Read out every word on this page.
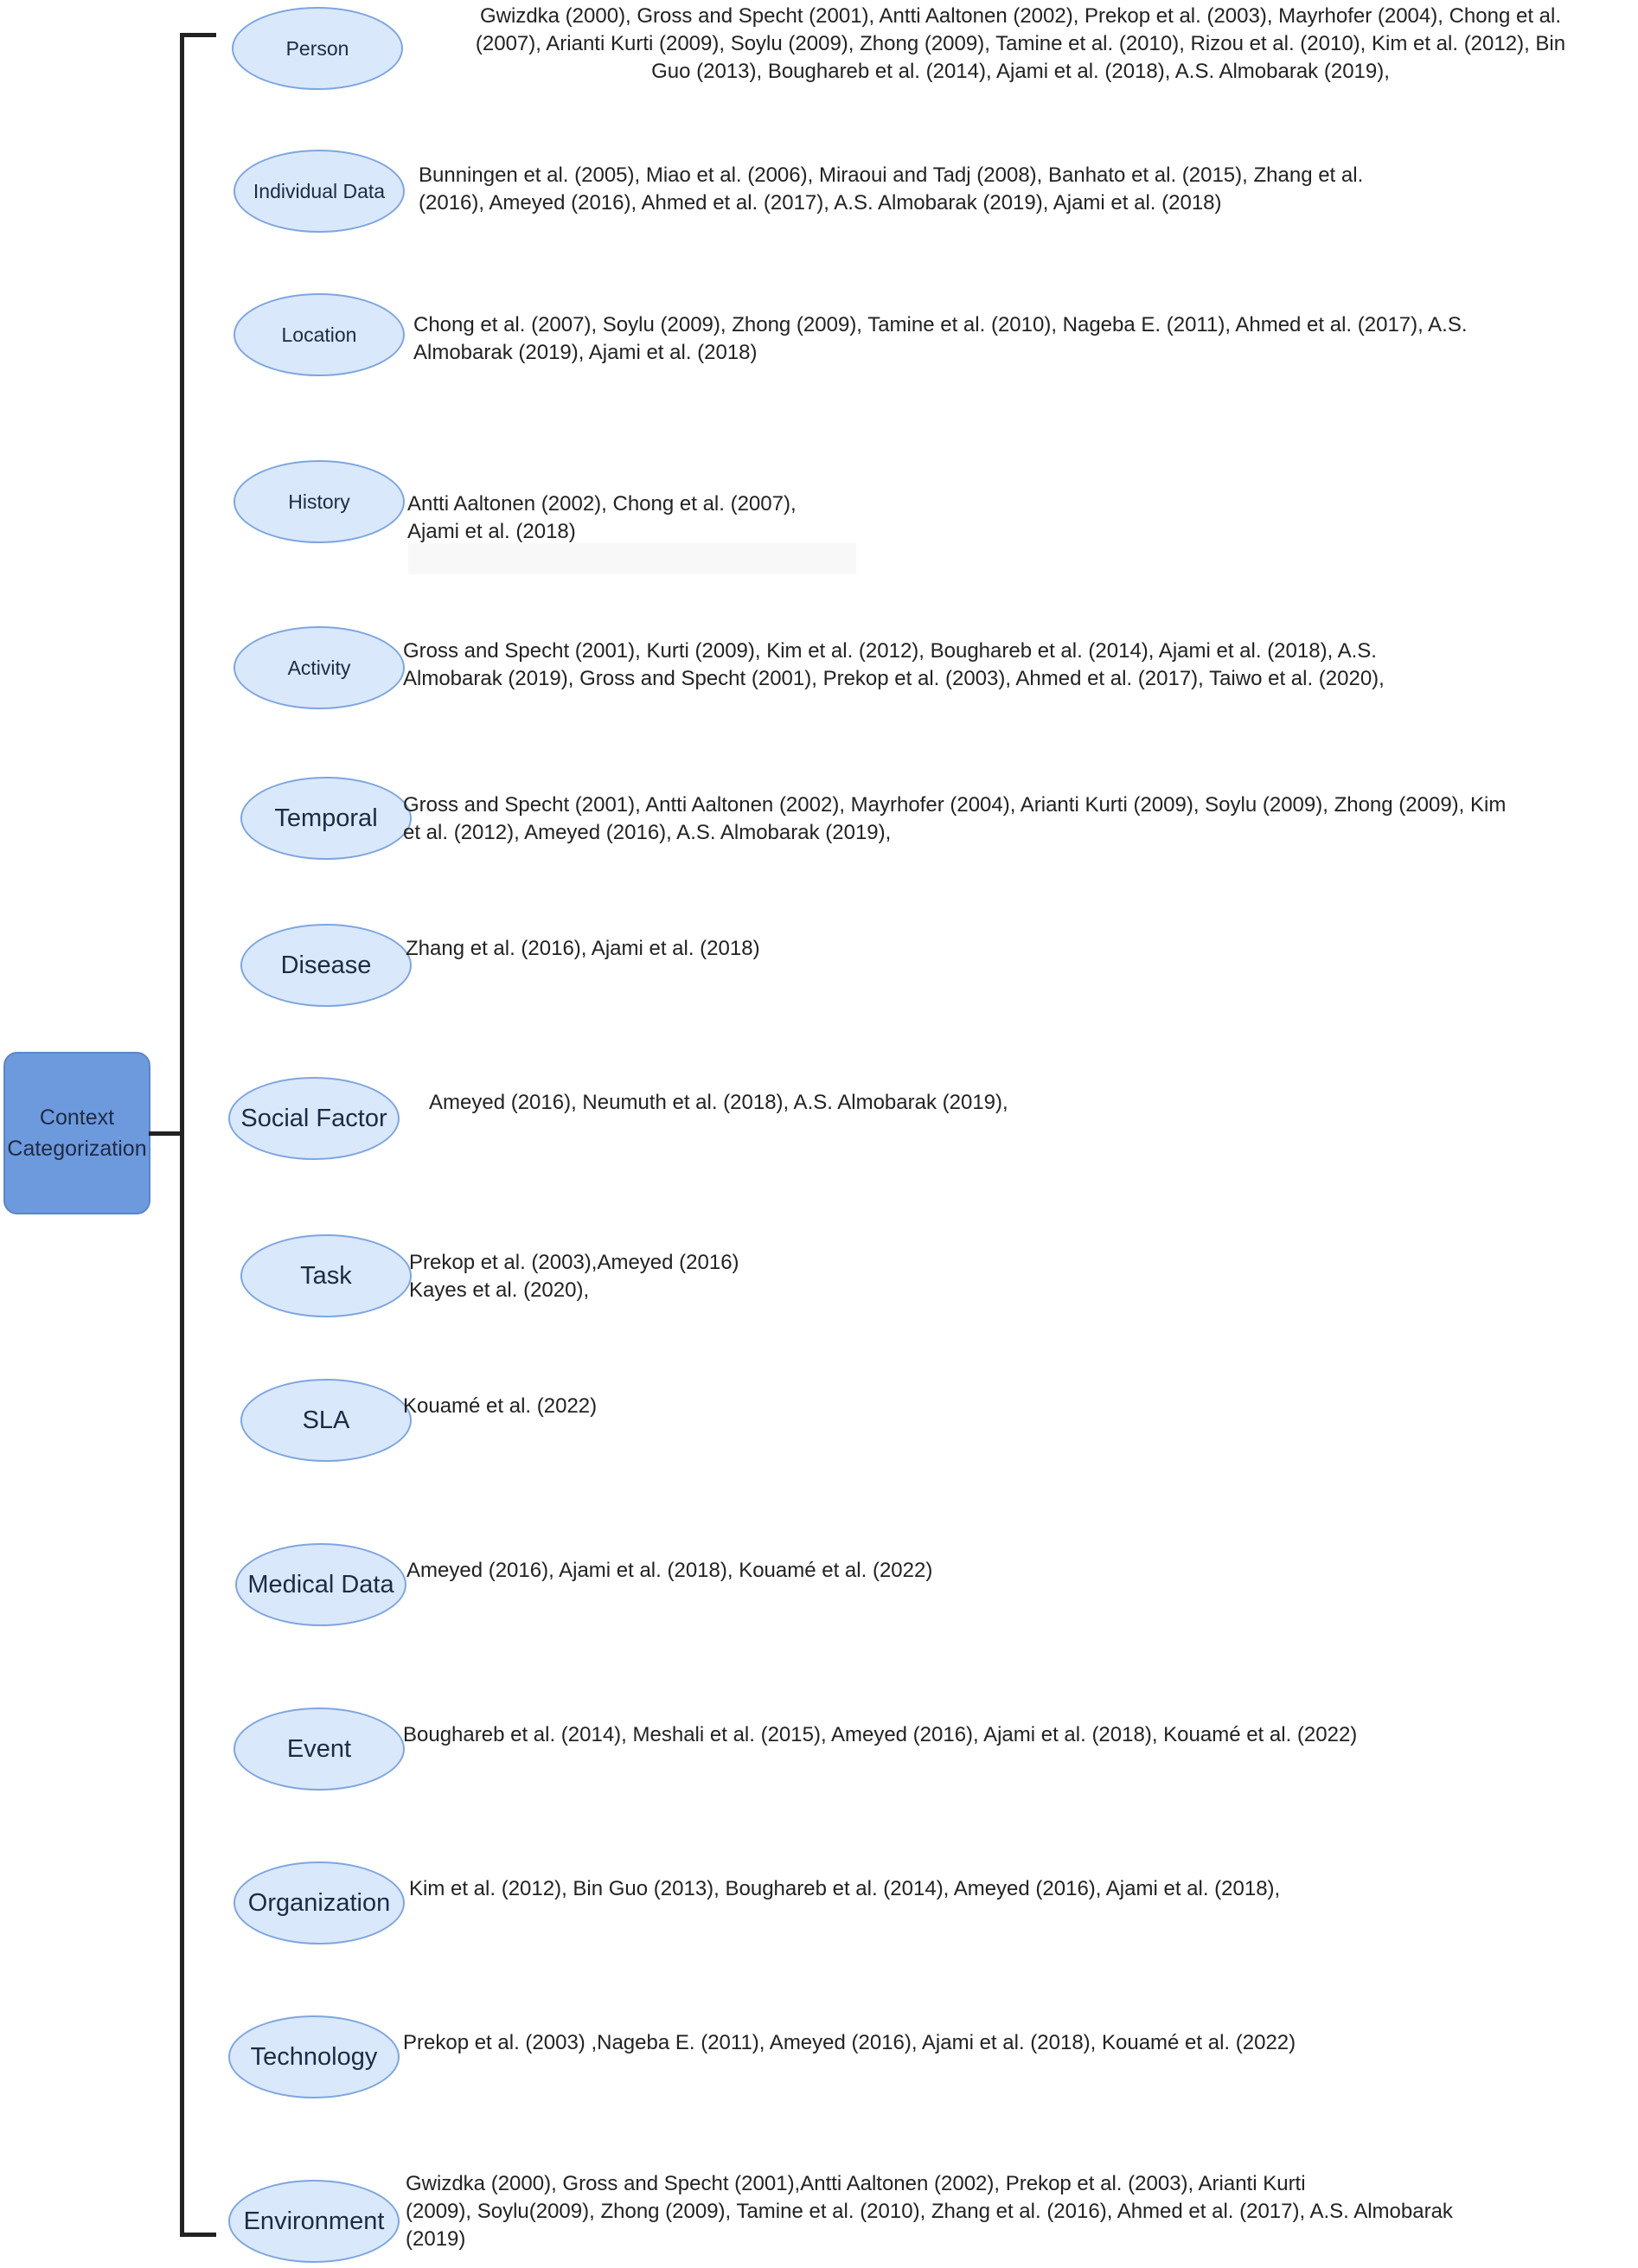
Context Categorization
Person
Gwizdka (2000), Gross and Specht (2001), Antti Aaltonen (2002), Prekop et al. (2003), Mayrhofer (2004), Chong et al.
(2007), Arianti Kurti (2009), Soylu (2009), Zhong (2009), Tamine et al. (2010), Rizou et al. (2010), Kim et al. (2012), Bin
Guo (2013), Boughareb et al. (2014), Ajami et al. (2018), A.S. Almobarak (2019),
Individual Data
Bunningen et al. (2005), Miao et al. (2006), Miraoui and Tadj (2008), Banhato et al. (2015), Zhang et al.
(2016), Ameyed (2016), Ahmed et al. (2017), A.S. Almobarak (2019), Ajami et al. (2018)
Location	Chong et al. (2007), Soylu (2009), Zhong (2009), Tamine et al. (2010), Nageba E. (2011), Ahmed et al. (2017), A.S.
Almobarak (2019), Ajami et al. (2018)
History	Antti Aaltonen (2002), Chong et al. (2007),
Ajami et al. (2018)
Activity
Gross and Specht (2001), Kurti (2009), Kim et al. (2012), Boughareb et al. (2014), Ajami et al. (2018), A.S.
Almobarak (2019), Gross and Specht (2001), Prekop et al. (2003), Ahmed et al. (2017), Taiwo et al. (2020),
Temporal Gross and Specht (2001), Antti Aaltonen (2002), Mayrhofer (2004), Arianti Kurti (2009), Soylu (2009), Zhong (2009), Kim
et al. (2012), Ameyed (2016), A.S. Almobarak (2019),
Disease
Zhang et al. (2016), Ajami et al. (2018)
Social Factor
Ameyed (2016), Neumuth et al. (2018), A.S. Almobarak (2019),
Task	Prekop et al. (2003),Ameyed (2016)
Kayes et al. (2020),
SLA	Kouamé et al. (2022)
Medical Data Ameyed (2016), Ajami et al. (2018), Kouamé et al. (2022)
Event Boughareb et al. (2014), Meshali et al. (2015), Ameyed (2016), Ajami et al. (2018), Kouamé et al. (2022)
Organization Kim et al. (2012), Bin Guo (2013), Boughareb et al. (2014), Ameyed (2016), Ajami et al. (2018),
Technology Prekop et al. (2003) ,Nageba E. (2011), Ameyed (2016), Ajami et al. (2018), Kouamé et al. (2022)
Environment
Gwizdka (2000), Gross and Specht (2001),Antti Aaltonen (2002), Prekop et al. (2003), Arianti Kurti
(2009), Soylu(2009), Zhong (2009), Tamine et al. (2010), Zhang et al. (2016), Ahmed et al. (2017), A.S. Almobarak
(2019)
